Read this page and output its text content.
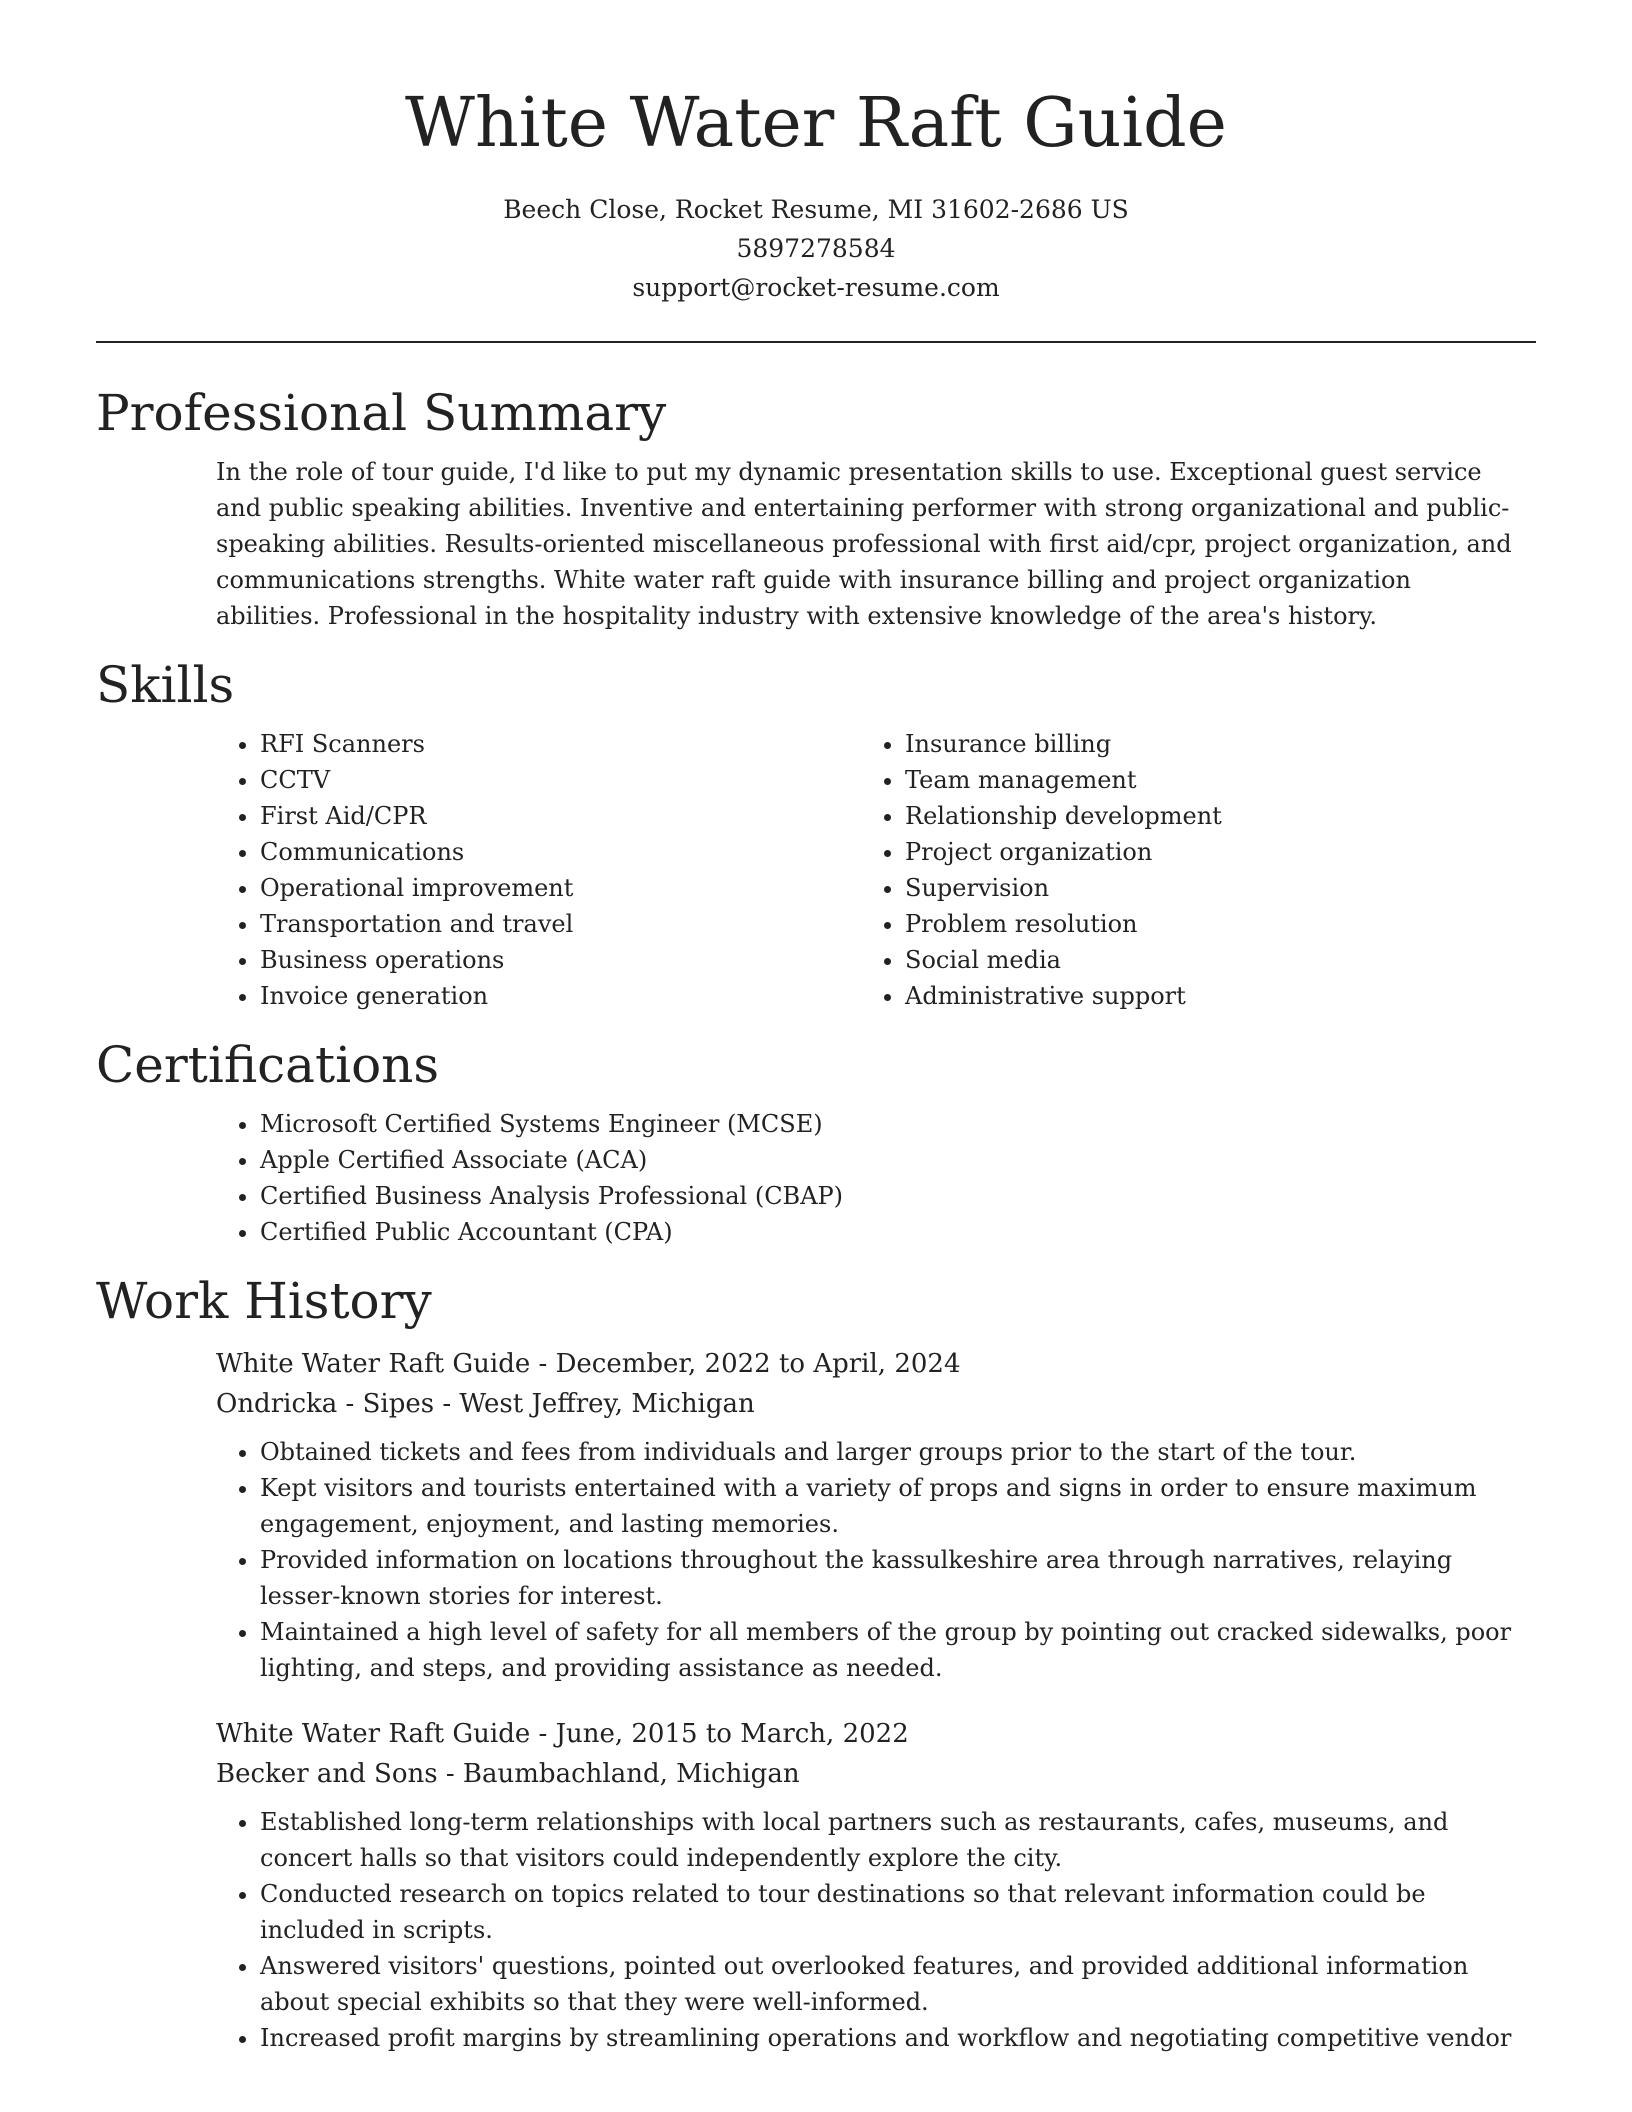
White Water Raft Guide
Beech Close, Rocket Resume, MI 31602-2686 US
5897278584
support@rocket-resume.com
Professional Summary
In the role of tour guide, I'd like to put my dynamic presentation skills to use. Exceptional guest service and public speaking abilities. Inventive and entertaining performer with strong organizational and public-speaking abilities. Results-oriented miscellaneous professional with first aid/cpr, project organization, and communications strengths. White water raft guide with insurance billing and project organization abilities. Professional in the hospitality industry with extensive knowledge of the area's history.
Skills
• RFI Scanners
• CCTV
• First Aid/CPR
• Communications
• Operational improvement
• Transportation and travel
• Business operations
• Invoice generation
• Insurance billing
• Team management
• Relationship development
• Project organization
• Supervision
• Problem resolution
• Social media
• Administrative support
Certifications
• Microsoft Certified Systems Engineer (MCSE)
• Apple Certified Associate (ACA)
• Certified Business Analysis Professional (CBAP)
• Certified Public Accountant (CPA)
Work History
White Water Raft Guide - December, 2022 to April, 2024
Ondricka - Sipes - West Jeffrey, Michigan
• Obtained tickets and fees from individuals and larger groups prior to the start of the tour.
• Kept visitors and tourists entertained with a variety of props and signs in order to ensure maximum engagement, enjoyment, and lasting memories.
• Provided information on locations throughout the kassulkeshire area through narratives, relaying lesser-known stories for interest.
• Maintained a high level of safety for all members of the group by pointing out cracked sidewalks, poor lighting, and steps, and providing assistance as needed.
White Water Raft Guide - June, 2015 to March, 2022
Becker and Sons - Baumbachland, Michigan
• Established long-term relationships with local partners such as restaurants, cafes, museums, and concert halls so that visitors could independently explore the city.
• Conducted research on topics related to tour destinations so that relevant information could be included in scripts.
• Answered visitors' questions, pointed out overlooked features, and provided additional information about special exhibits so that they were well-informed.
• Increased profit margins by streamlining operations and workflow and negotiating competitive vendor
